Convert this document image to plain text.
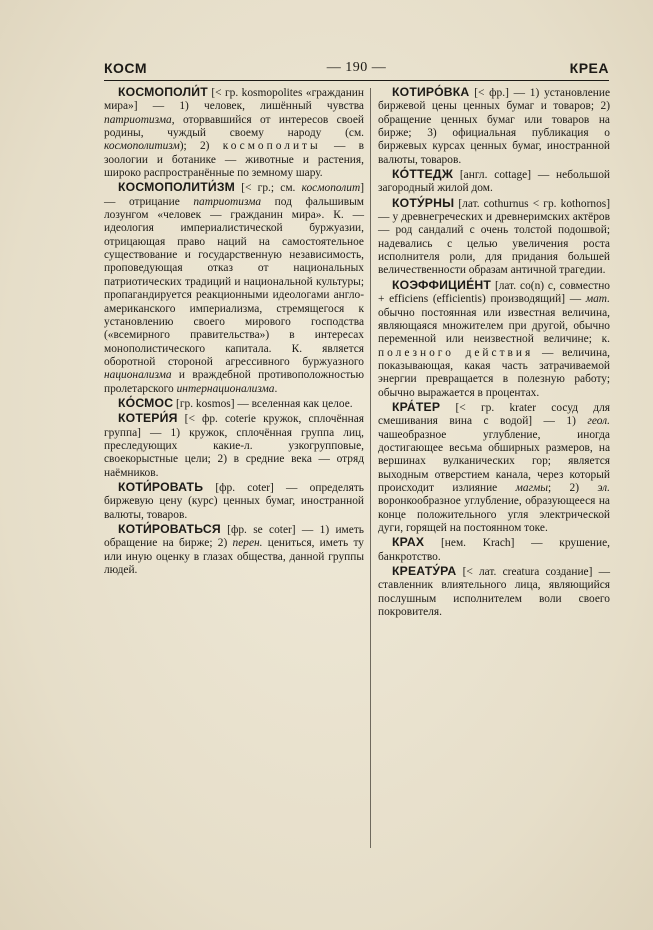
КОСМ	— 190 —	КРЕА

КОСМОПОЛИ́Т [< гр. kosmopolites «гражданин мира»] — 1) человек, лишённый чувства патриотизма, оторвавшийся от интересов своей родины, чуждый своему народу (см. космополитизм); 2) космополиты — в зоологии и ботанике — животные и растения, широко распространённые по земному шару.

КОСМОПОЛИТИ́ЗМ [< гр.; см. космополит] — отрицание патриотизма под фальшивым лозунгом «человек — гражданин мира». К. — идеология империалистической буржуазии, отрицающая право наций на самостоятельное существование и государственную независимость, проповедующая отказ от национальных патриотических традиций и национальной культуры; пропагандируется реакционными идеологами англо-американского империализма, стремящегося к установлению своего мирового господства («всемирного правительства») в интересах монополистического капитала. К. является оборотной стороной агрессивного буржуазного национализма и враждебной противоположностью пролетарского интернационализма.

КО́СМОС [гр. kosmos] — вселенная как целое.

КОТЕРИ́Я [< фр. coterie кружок, сплочённая группа] — 1) кружок, сплочённая группа лиц, преследующих какие-л. узкогрупповые, своекорыстные цели; 2) в средние века — отряд наёмников.

КОТИ́РОВАТЬ [фр. coter] — определять биржевую цену (курс) ценных бумаг, иностранной валюты, товаров.

КОТИ́РОВАТЬСЯ [фр. se coter] — 1) иметь обращение на бирже; 2) перен. цениться, иметь ту или иную оценку в глазах общества, данной группы людей.

КОТИРО́ВКА [< фр.] — 1) установление биржевой цены ценных бумаг и товаров; 2) обращение ценных бумаг или товаров на бирже; 3) официальная публикация о биржевых курсах ценных бумаг, иностранной валюты, товаров.

КО́ТТЕДЖ [англ. cottage] — небольшой загородный жилой дом.

КОТУ́РНЫ [лат. cothurnus < гр. kothornos] — у древнегреческих и древнеримских актёров — род сандалий с очень толстой подошвой; надевались с целью увеличения роста исполнителя роли, для придания большей величественности образам античной трагедии.

КОЭФФИЦИЕ́НТ [лат. co(n) с, совместно + efficiens (efficientis) производящий] — мат. обычно постоянная или известная величина, являющаяся множителем при другой, обычно переменной или неизвестной величине; к. полезного действия — величина, показывающая, какая часть затрачиваемой энергии превращается в полезную работу; обычно выражается в процентах.

КРА́ТЕР [< гр. krater сосуд для смешивания вина с водой] — 1) геол. чашеобразное углубление, иногда достигающее весьма обширных размеров, на вершинах вулканических гор; является выходным отверстием канала, через который происходит излияние магмы; 2) эл. воронкообразное углубление, образующееся на конце положительного угля электрической дуги, горящей на постоянном токе.

КРАХ [нем. Krach] — крушение, банкротство.

КРЕАТУ́РА [< лат. creatura создание] — ставленник влиятельного лица, являющийся послушным исполнителем воли своего покровителя.
